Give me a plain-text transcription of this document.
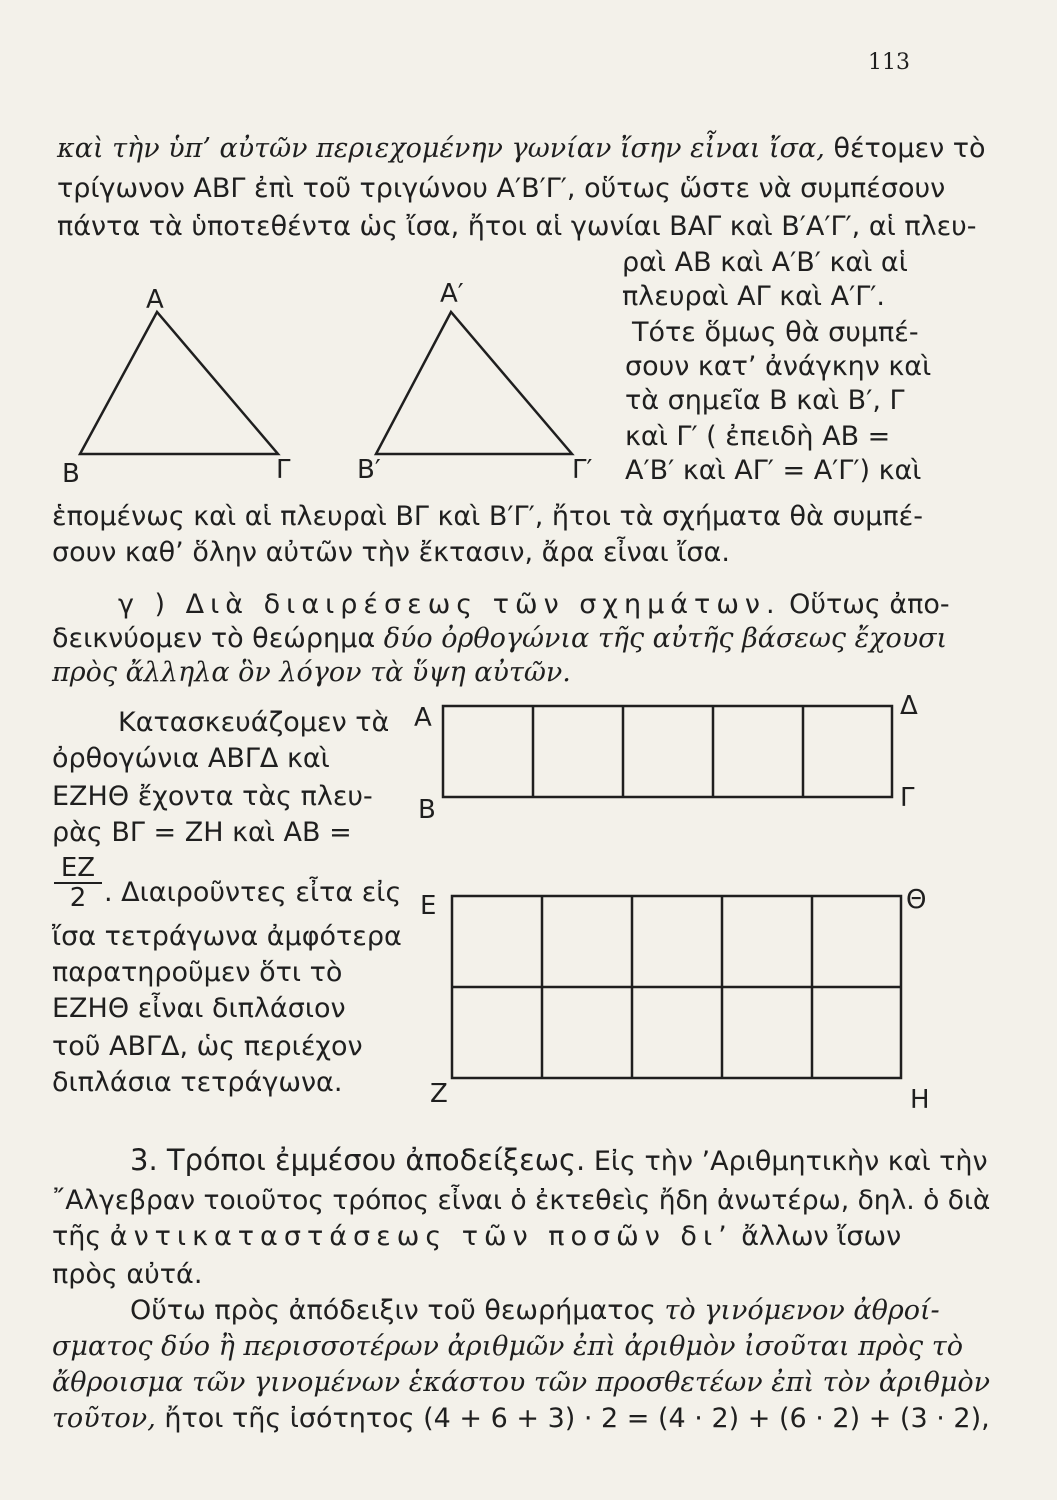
113
καὶ τὴν ὑπ’ αὐτῶν περιεχομένην γωνίαν ἴσην εἶναι ἴσα, θέτομεν τὸ
τρίγωνον ΑΒΓ ἐπὶ τοῦ τριγώνου Α′Β′Γ′, οὕτως ὥστε νὰ συμπέσουν
πάντα τὰ ὑποτεθέντα ὡς ἴσα, ἤτοι αἱ γωνίαι ΒΑΓ καὶ Β′Α′Γ′, αἱ πλευ-
ραὶ ΑΒ καὶ Α′Β′ καὶ αἱ
πλευραὶ ΑΓ καὶ Α′Γ′.
Τότε ὅμως θὰ συμπέ-
σουν κατ’ ἀνάγκην καὶ
τὰ σημεῖα Β καὶ Β′, Γ
καὶ Γ′ ( ἐπειδὴ ΑΒ =
Α′Β′ καὶ ΑΓ′ = Α′Γ′) καὶ
ἑπομένως καὶ αἱ πλευραὶ ΒΓ καὶ Β′Γ′, ἤτοι τὰ σχήματα θὰ συμπέ-
σουν καθ’ ὅλην αὐτῶν τὴν ἔκτασιν, ἄρα εἶναι ἴσα.
Α
Β	Γ
Α′
Β′	Γ′
γ ) Διὰ διαιρέσεως τῶν σχημάτων. Οὕτως ἀπο-
δεικνύομεν τὸ θεώρημα δύο ὀρθογώνια τῆς αὐτῆς βάσεως ἔχουσι
πρὸς ἄλληλα ὃν λόγον τὰ ὕψη αὐτῶν.
Κατασκευάζομεν τὰ
ὀρθογώνια ΑΒΓΔ καὶ
ΕΖΗΘ ἔχοντα τὰς πλευ-
ρὰς ΒΓ = ΖΗ καὶ ΑΒ =
$\frac{EZ}{2}$ . Διαιροῦντες εἶτα εἰς
ἴσα τετράγωνα ἀμφότερα
παρατηροῦμεν ὅτι τὸ
ΕΖΗΘ εἶναι διπλάσιον
τοῦ ΑΒΓΔ, ὡς περιέχον
διπλάσια τετράγωνα.
Α
Β	Γ
Δ
Ε
Ζ	Η
Θ
3. Τρόποι ἐμμέσου ἀποδείξεως. Εἰς τὴν ’Αριθμητικὴν καὶ τὴν
῎Αλγεβραν τοιοῦτος τρόπος εἶναι ὁ ἐκτεθεὶς ἤδη ἀνωτέρω, δηλ. ὁ διὰ
τῆς ἀντικαταστάσεως τῶν ποσῶν δι’ ἄλλων ἴσων
πρὸς αὐτά.
Οὕτω πρὸς ἀπόδειξιν τοῦ θεωρήματος τὸ γινόμενον ἀθροί-
σματος δύο ἢ περισσοτέρων ἀριθμῶν ἐπὶ ἀριθμὸν ἰσοῦται πρὸς τὸ
ἄθροισμα τῶν γινομένων ἑκάστου τῶν προσθετέων ἐπὶ τὸν ἀριθμὸν
τοῦτον, ἤτοι τῆς ἰσότητος (4 + 6 + 3) · 2 = (4 · 2) + (6 · 2) + (3 · 2),
